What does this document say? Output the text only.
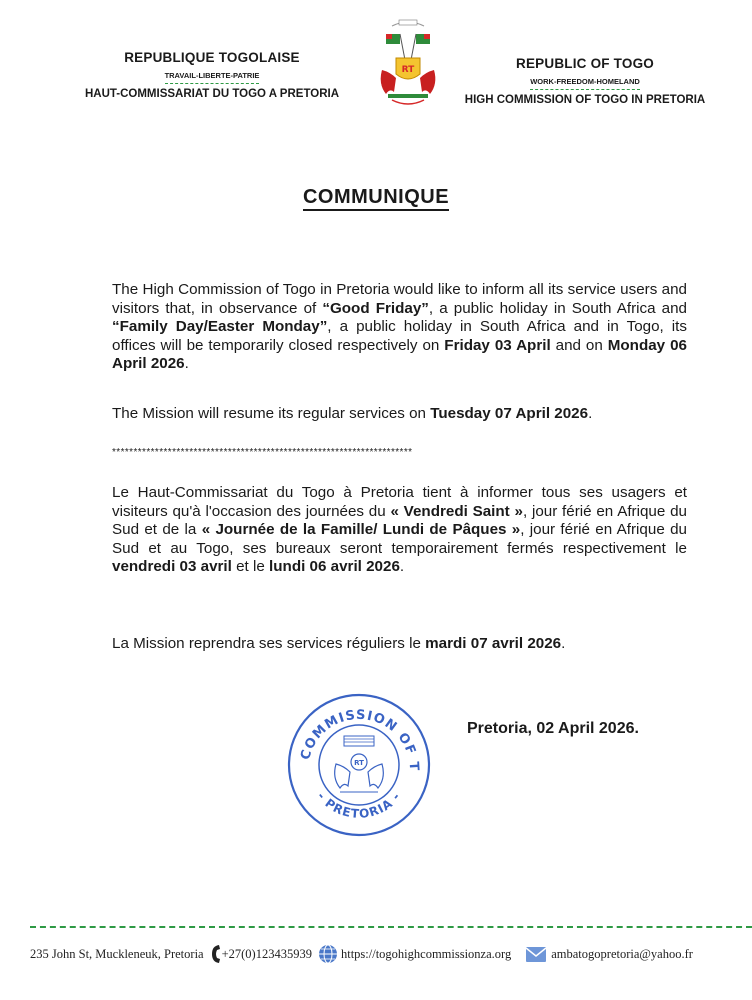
REPUBLIQUE TOGOLAISE
TRAVAIL-LIBERTE-PATRIE
HAUT-COMMISSARIAT DU TOGO A PRETORIA
RT	REPUBLIC OF TOGO
WORK-FREEDOM-HOMELAND
HIGH COMMISSION OF TOGO IN PRETORIA
COMMUNIQUE
The High Commission of Togo in Pretoria would like to inform all its service users and visitors that, in observance of “Good Friday”, a public holiday in South Africa and “Family Day/Easter Monday”, a public holiday in South Africa and in Togo, its offices will be temporarily closed respectively on Friday 03 April and on Monday 06 April 2026.
The Mission will resume its regular services on Tuesday 07 April 2026.
**********************************************************************
Le Haut-Commissariat du Togo à Pretoria tient à informer tous ses usagers et visiteurs qu'à l'occasion des journées du « Vendredi Saint », jour férié en Afrique du Sud et de la « Journée de la Famille/ Lundi de Pâques », jour férié en Afrique du Sud et au Togo, ses bureaux seront temporairement fermés respectivement le vendredi 03 avril et le lundi 06 avril 2026.
La Mission reprendra ses services réguliers le mardi 07 avril 2026.
COMMISSION OF T
- PRETORIA -
RT
Pretoria, 02 April 2026.
235 John St, Muckleneuk, Pretoria +27(0)123435939 https://togohighcommissionza.org	ambatogopretoria@yahoo.fr
